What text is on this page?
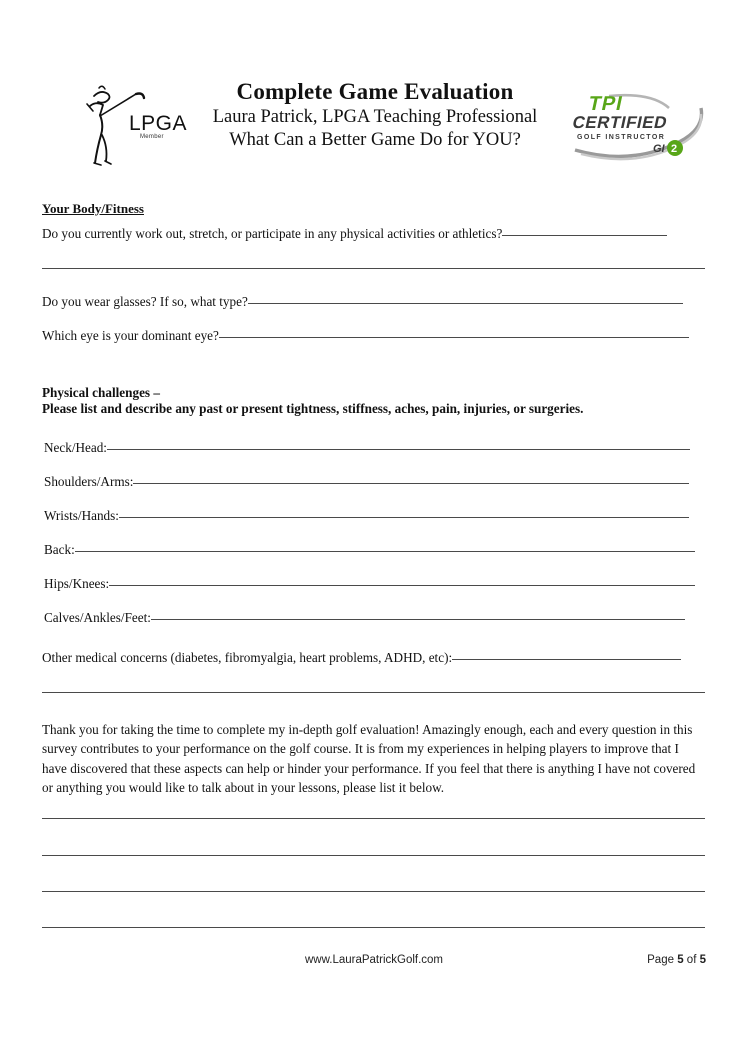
LPGA
Member
Complete Game Evaluation
Laura Patrick, LPGA Teaching Professional
What Can a Better Game Do for YOU?
TPI
CERTIFIED
GOLF INSTRUCTOR
GI 2
Your Body/Fitness
Do you currently work out, stretch, or participate in any physical activities or athletics?
Do you wear glasses? If so, what type?
Which eye is your dominant eye?
Physical challenges –
Please list and describe any past or present tightness, stiffness, aches, pain, injuries, or surgeries.
Neck/Head:
Shoulders/Arms:
Wrists/Hands:
Back:
Hips/Knees:
Calves/Ankles/Feet:
Other medical concerns (diabetes, fibromyalgia, heart problems, ADHD, etc):
Thank you for taking the time to complete my in-depth golf evaluation! Amazingly enough, each and every question in this survey contributes to your performance on the golf course. It is from my experiences in helping players to improve that I have discovered that these aspects can help or hinder your performance. If you feel that there is anything I have not covered or anything you would like to talk about in your lessons, please list it below.
www.LauraPatrickGolf.com	Page 5 of 5
